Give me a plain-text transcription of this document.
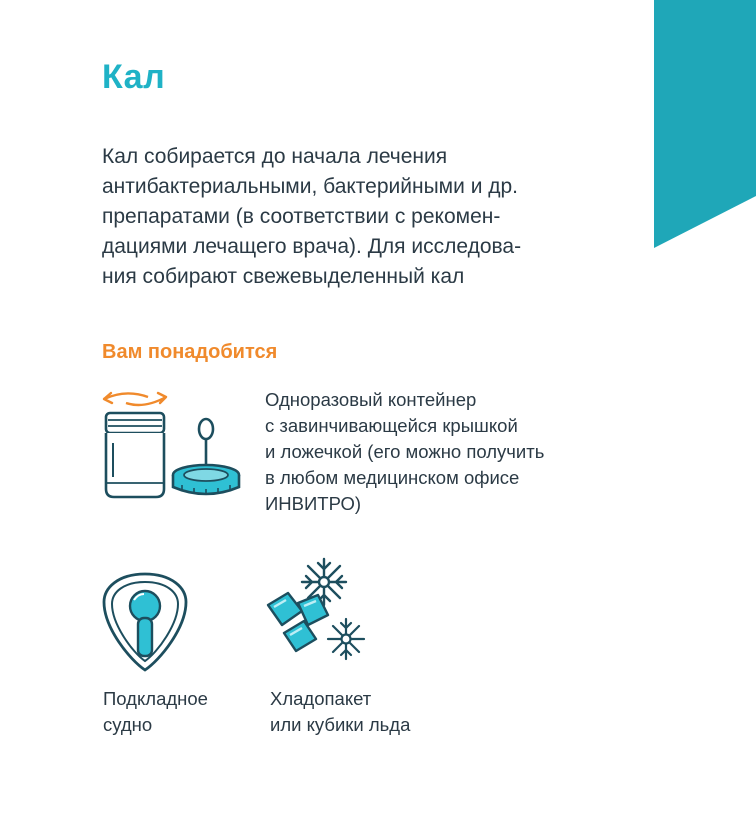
Кал
Кал собирается до начала лечения
антибактериальными, бактерийными и др.
препаратами (в соответствии с рекомен-
дациями лечащего врача). Для исследова-
ния собирают свежевыделенный кал
Вам понадобится
Одноразовый контейнер
с завинчивающейся крышкой
и ложечкой (его можно получить
в любом медицинском офисе
ИНВИТРО)
Подкладное
судно
Хладопакет
или кубики льда
